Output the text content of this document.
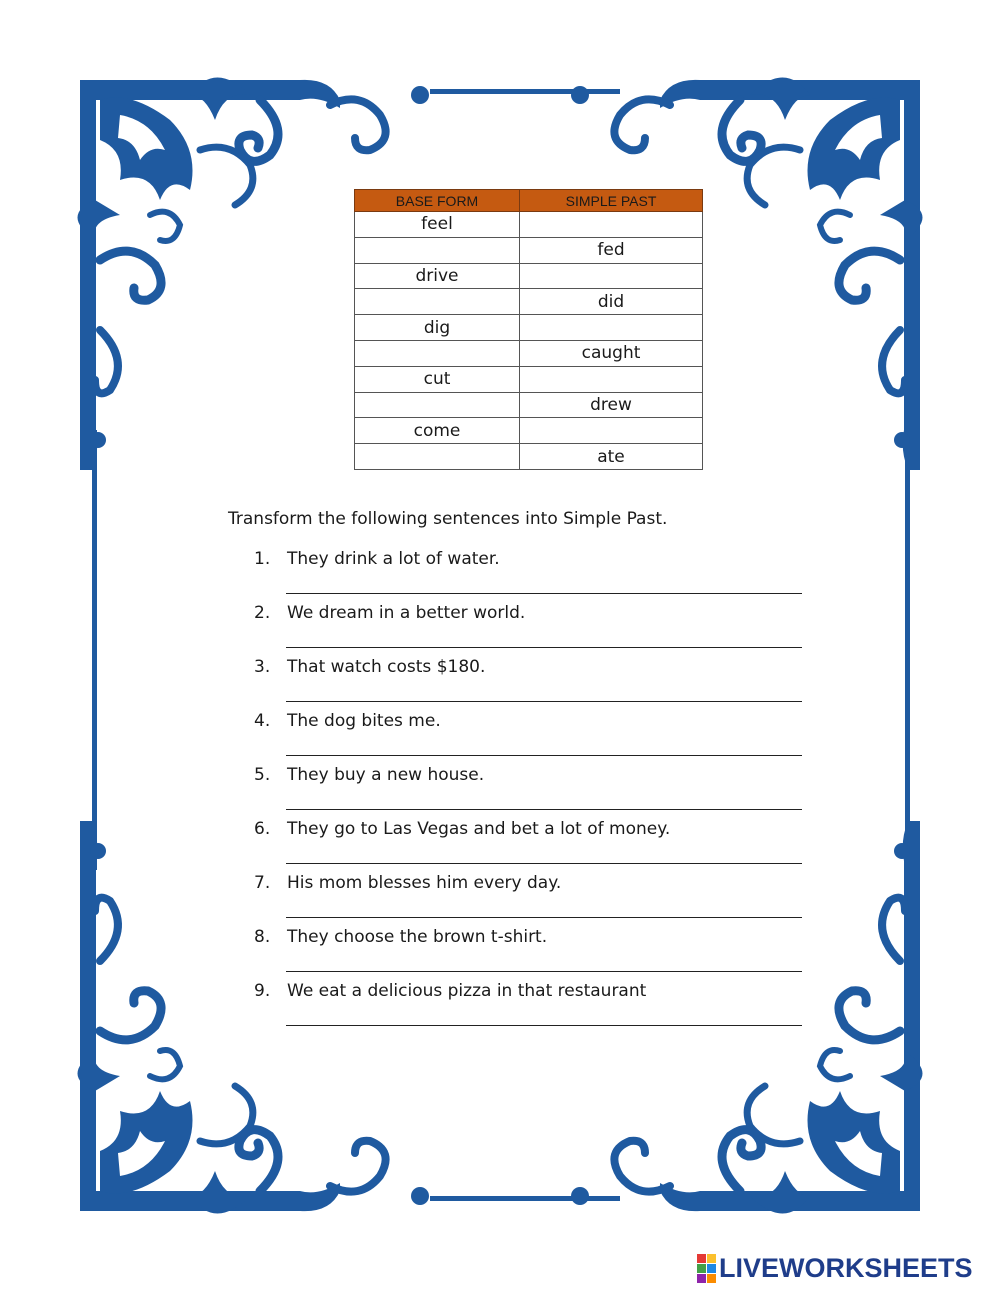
BASE FORM	SIMPLE PAST
feel	
	fed
drive	
	did
dig	
	caught
cut	
	drew
come	
	ate
Transform the following sentences into Simple Past.
1. They drink a lot of water.
2. We dream in a better world.
3. That watch costs $180.
4. The dog bites me.
5. They buy a new house.
6. They go to Las Vegas and bet a lot of money.
7. His mom blesses him every day.
8. They choose the brown t-shirt.
9. We eat a delicious pizza in that restaurant
LIVEWORKSHEETS
